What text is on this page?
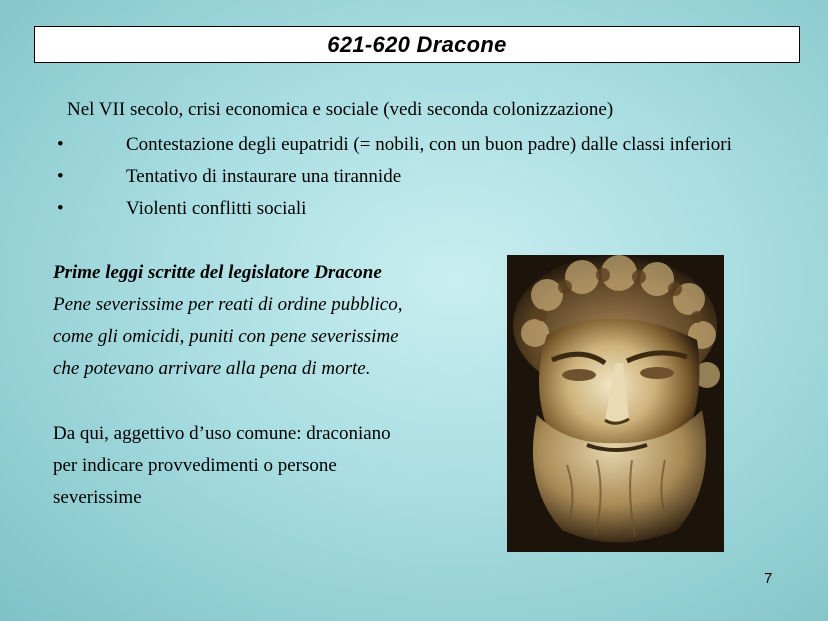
621-620 Dracone
Nel VII secolo, crisi economica e sociale (vedi seconda colonizzazione)
•	Contestazione degli eupatridi (= nobili, con un buon padre) dalle classi inferiori
•	Tentativo di instaurare una tirannide
•	Violenti conflitti sociali
Prime leggi scritte del legislatore Dracone
Pene severissime per reati di ordine pubblico,
come gli omicidi, puniti con pene severissime
che potevano arrivare alla pena di morte.
Da qui, aggettivo d’uso comune: draconiano
per indicare provvedimenti o persone
severissime
7
